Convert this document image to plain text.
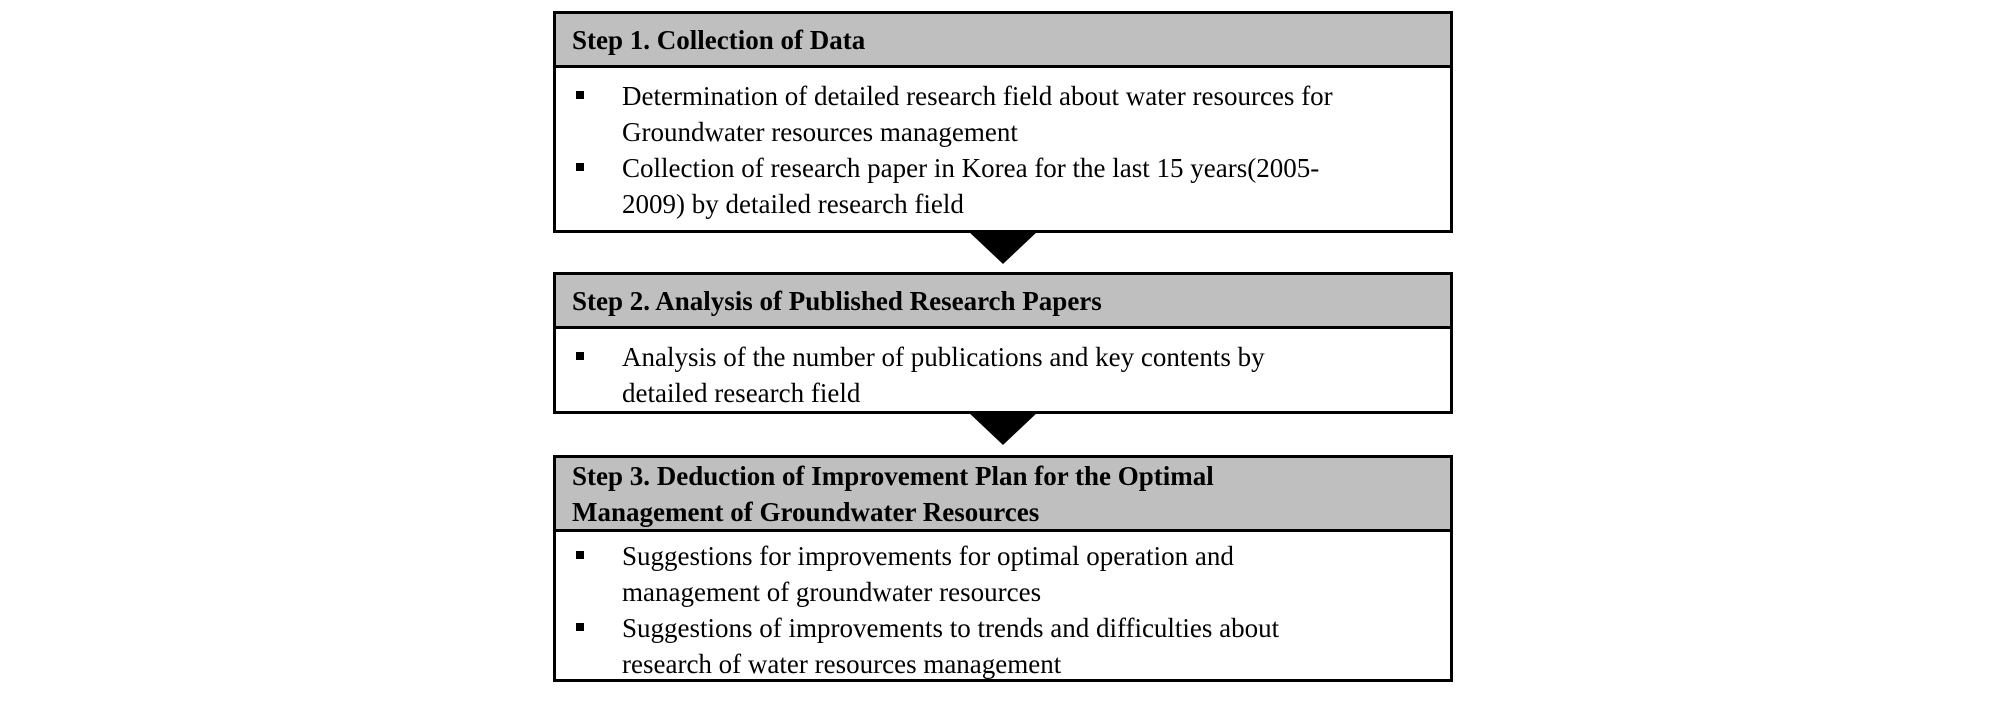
Step 1. Collection of Data
Determination of detailed research field about water resources for
Groundwater resources management
Collection of research paper in Korea for the last 15 years(2005-
2009) by detailed research field
Step 2. Analysis of Published Research Papers
Analysis of the number of publications and key contents by
detailed research field
Step 3. Deduction of Improvement Plan for the Optimal
Management of Groundwater Resources
Suggestions for improvements for optimal operation and
management of groundwater resources
Suggestions of improvements to trends and difficulties about
research of water resources management
